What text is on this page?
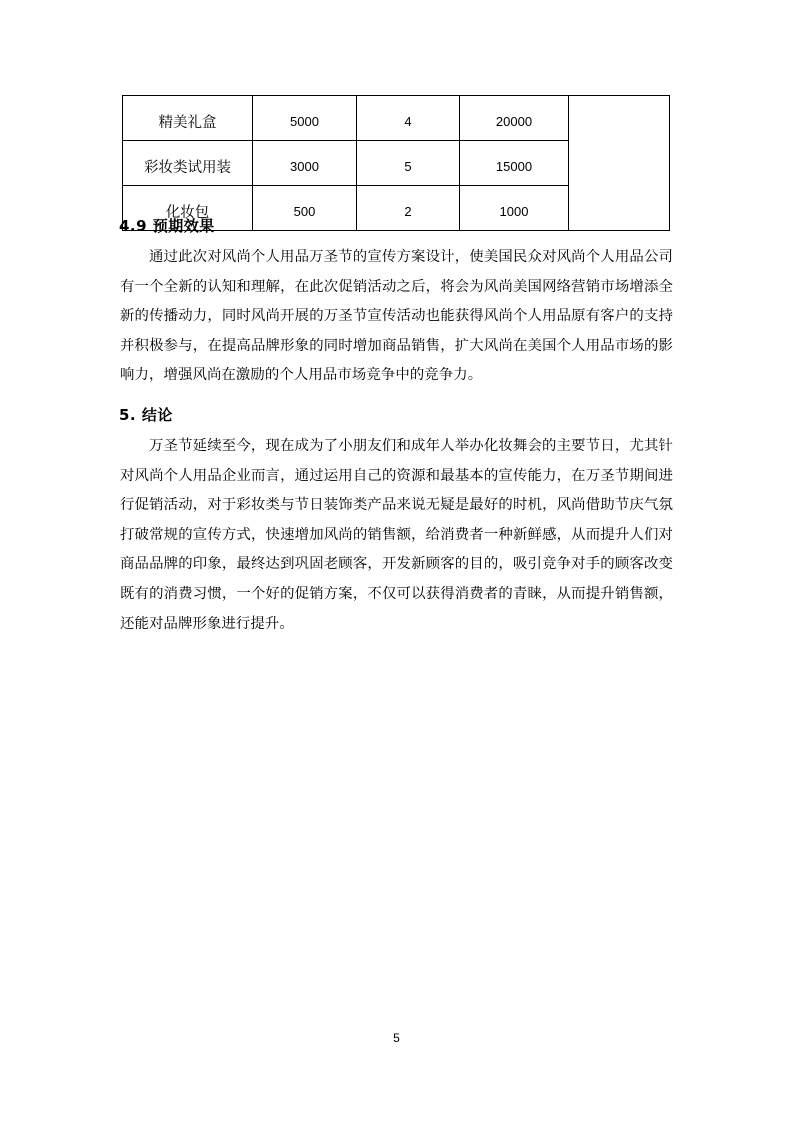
精美礼盒	5000	4	20000	
彩妆类试用装	3000	5	15000	
化妆包	500	2	1000	
4.9 预期效果

通过此次对风尚个人用品万圣节的宣传方案设计，使美国民众对风尚个人用品公司有一个全新的认知和理解，在此次促销活动之后，将会为风尚美国网络营销市场增添全新的传播动力，同时风尚开展的万圣节宣传活动也能获得风尚个人用品原有客户的支持并积极参与，在提高品牌形象的同时增加商品销售，扩大风尚在美国个人用品市场的影响力，增强风尚在激励的个人用品市场竞争中的竞争力。

5. 结论

万圣节延续至今，现在成为了小朋友们和成年人举办化妆舞会的主要节日，尤其针对风尚个人用品企业而言，通过运用自己的资源和最基本的宣传能力，在万圣节期间进行促销活动，对于彩妆类与节日装饰类产品来说无疑是最好的时机，风尚借助节庆气氛打破常规的宣传方式，快速增加风尚的销售额，给消费者一种新鲜感，从而提升人们对商品品牌的印象，最终达到巩固老顾客，开发新顾客的目的，吸引竞争对手的顾客改变既有的消费习惯，一个好的促销方案，不仅可以获得消费者的青睐，从而提升销售额，还能对品牌形象进行提升。

5
